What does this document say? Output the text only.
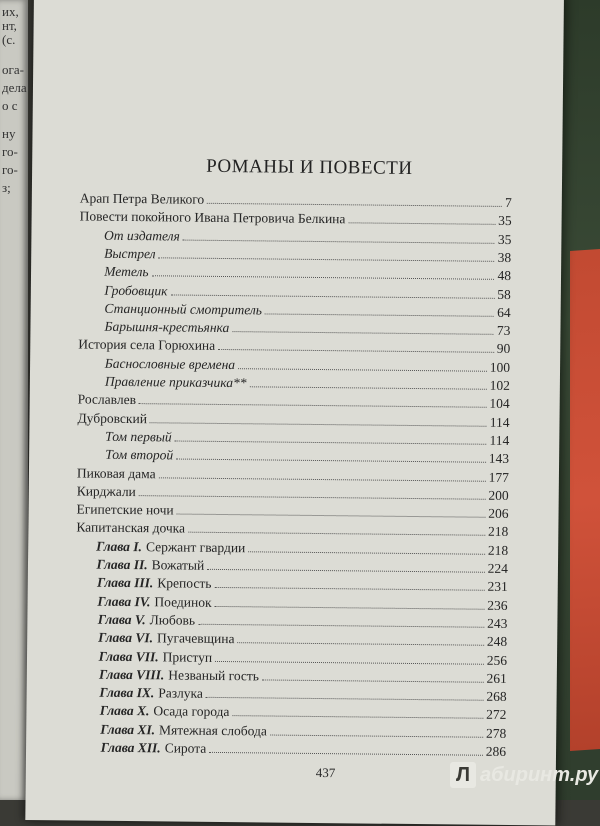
их,
нт,
(с.
ога-
дела
о с
ну
го-
го-
з;
РОМАНЫ И ПОВЕСТИ
Арап Петра Великого	7
Повести покойного Ивана Петровича Белкина	35
От издателя	35
Выстрел	38
Метель	48
Гробовщик	58
Станционный смотритель	64
Барышня-крестьянка	73
История села Горюхина	90
Баснословные времена	100
Правление приказчика**	102
Рославлев	104
Дубровский	114
Том первый	114
Том второй	143
Пиковая дама	177
Кирджали	200
Египетские ночи	206
Капитанская дочка	218
Глава I. Сержант гвардии	218
Глава II. Вожатый	224
Глава III. Крепость	231
Глава IV. Поединок	236
Глава V. Любовь	243
Глава VI. Пугачевщина	248
Глава VII. Приступ	256
Глава VIII. Незваный гость	261
Глава IX. Разлука	268
Глава X. Осада города	272
Глава XI. Мятежная слобода	278
Глава XII. Сирота	286
437	Л абиринт.ру
